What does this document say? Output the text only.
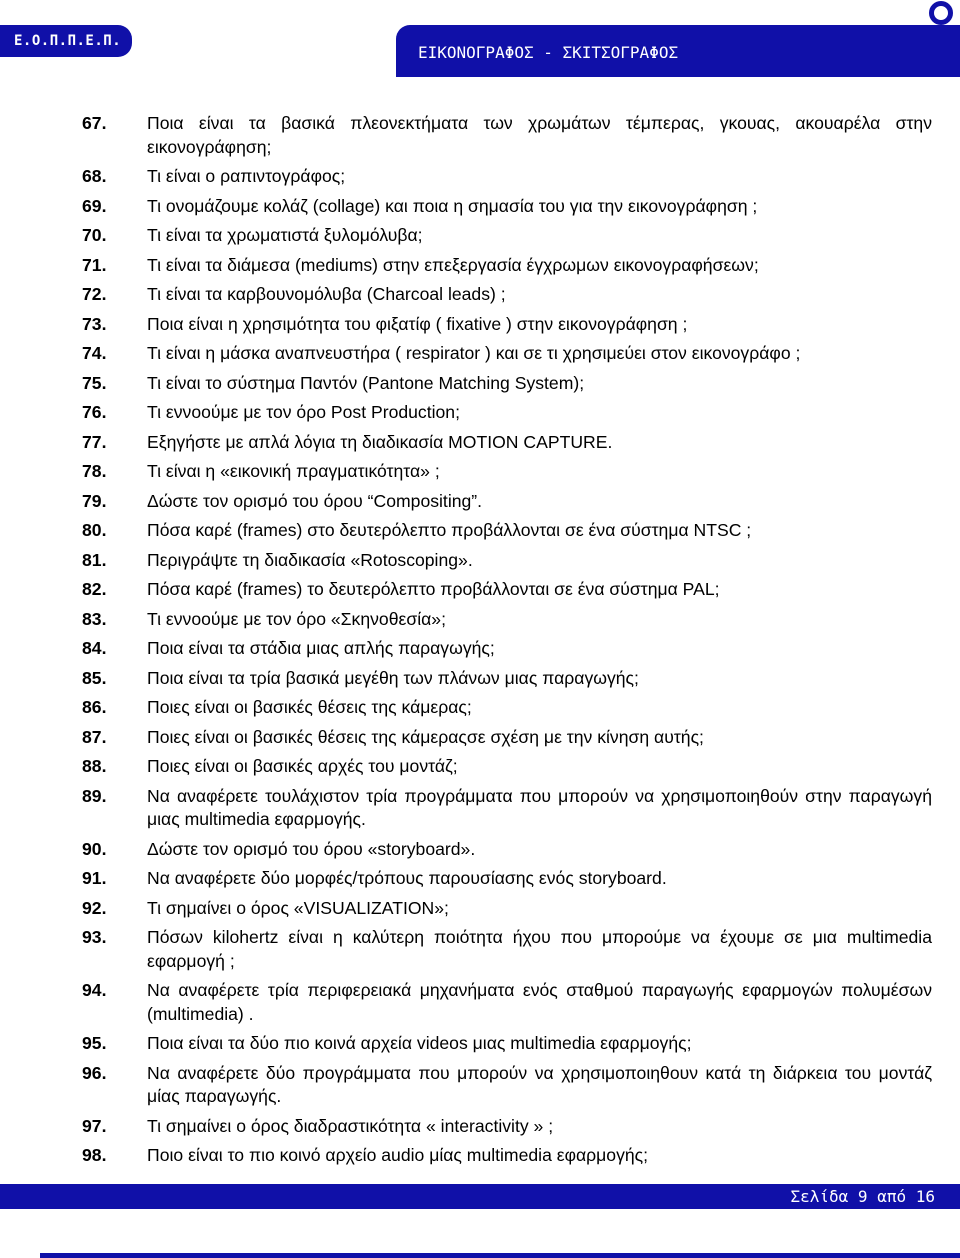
Ε.Ο.Π.Π.Ε.Π.
ΕΙΚΟΝΟΓΡΑΦΟΣ - ΣΚΙΤΣΟΓΡΑΦΟΣ
67. Ποια είναι τα βασικά πλεονεκτήματα των χρωμάτων τέμπερας, γκουας, ακουαρέλα στην εικονογράφηση;
68. Τι είναι ο ραπιντογράφος;
69. Τι ονομάζουμε κολάζ (collage) και ποια η σημασία του για την εικονογράφηση ;
70. Τι είναι τα χρωματιστά ξυλομόλυβα;
71. Τι είναι τα διάμεσα (mediums) στην επεξεργασία έγχρωμων εικονογραφήσεων;
72. Τι είναι τα καρβουνομόλυβα (Charcoal leads) ;
73. Ποια είναι η χρησιμότητα του φιξατίφ ( fixative ) στην εικονογράφηση ;
74. Τι είναι η μάσκα αναπνευστήρα ( respirator ) και σε τι χρησιμεύει στον εικονογράφο ;
75. Τι είναι το σύστημα Παντόν (Pantone Matching System);
76. Τι εννοούμε με τον όρο Post Production;
77. Εξηγήστε με απλά λόγια τη διαδικασία MOTION CAPTURE.
78. Τι είναι η «εικονική πραγματικότητα» ;
79. Δώστε τον ορισμό του όρου “Compositing”.
80. Πόσα καρέ (frames) στο δευτερόλεπτο προβάλλονται σε ένα σύστημα NTSC ;
81. Περιγράψτε τη διαδικασία «Rotoscoping».
82. Πόσα καρέ (frames) το δευτερόλεπτο προβάλλονται σε ένα σύστημα PAL;
83. Τι εννοούμε με τον όρο «Σκηνοθεσία»;
84. Ποια είναι τα στάδια μιας απλής παραγωγής;
85. Ποια είναι τα τρία βασικά μεγέθη των πλάνων μιας παραγωγής;
86. Ποιες είναι οι βασικές θέσεις της κάμερας;
87. Ποιες είναι οι βασικές θέσεις της κάμεραςσε σχέση με την κίνηση αυτής;
88. Ποιες είναι οι βασικές αρχές του μοντάζ;
89. Να αναφέρετε τουλάχιστον τρία προγράμματα που μπορούν να χρησιμοποιηθούν στην παραγωγή μιας multimedia εφαρμογής.
90. Δώστε τον ορισμό του όρου «storyboard».
91. Να αναφέρετε δύο μορφές/τρόπους παρουσίασης ενός storyboard.
92. Τι σημαίνει ο όρος «VISUALIZATION»;
93. Πόσων kilohertz είναι η καλύτερη ποιότητα ήχου που μπορούμε να έχουμε σε μια multimedia εφαρμογή ;
94. Να αναφέρετε τρία περιφερειακά μηχανήματα ενός σταθμού παραγωγής εφαρμογών πολυμέσων (multimedia) .
95. Ποια είναι τα δύο πιο κοινά αρχεία videos μιας multimedia εφαρμογής;
96. Να αναφέρετε δύο προγράμματα που μπορούν να χρησιμοποιηθουν κατά τη διάρκεια του μοντάζ μίας παραγωγής.
97. Τι σημαίνει ο όρος διαδραστικότητα « interactivity » ;
98. Ποιο είναι το πιο κοινό αρχείο audio μίας multimedia εφαρμογής;
Σελίδα 9 από 16
